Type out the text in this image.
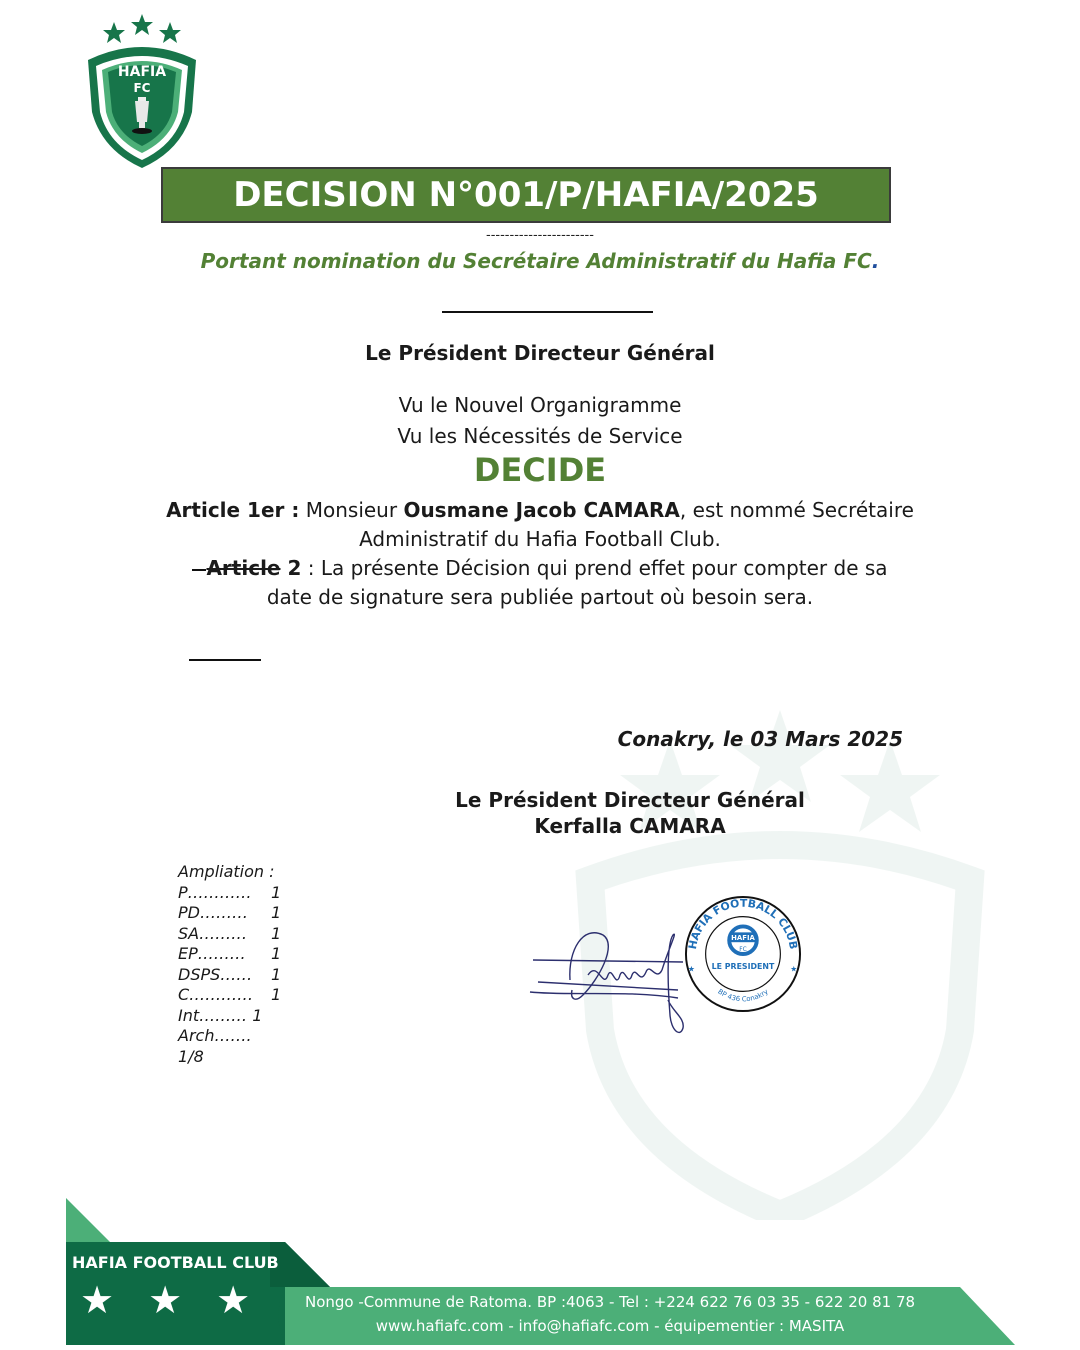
HAFIA
FC
DECISION N°001/P/HAFIA/2025
-----------------------
Portant nomination du Secrétaire Administratif du Hafia FC.
Le Président Directeur Général
Vu le Nouvel Organigramme
Vu les Nécessités de Service
DECIDE
Article 1er : Monsieur Ousmane Jacob CAMARA, est nommé Secrétaire
Administratif du Hafia Football Club.
Article 2 : La présente Décision qui prend effet pour compter de sa
date de signature sera publiée partout où besoin sera.
Conakry, le 03 Mars 2025
Le Président Directeur Général
Kerfalla CAMARA
Ampliation :
P…………	1
PD………	1
SA………	1
EP………	1
DSPS……	1
C…………	1
Int……… 1
Arch…….
1/8
HAFIA FOOTBALL CLUB
BP 436 Conakry
HAFIA
FC
LE PRESIDENT
★	★
HAFIA FOOTBALL CLUB
★ ★ ★	Nongo -Commune de Ratoma. BP :4063 - Tel : +224 622 76 03 35 - 622 20 81 78
www.hafiafc.com - info@hafiafc.com - équipementier : MASITA
